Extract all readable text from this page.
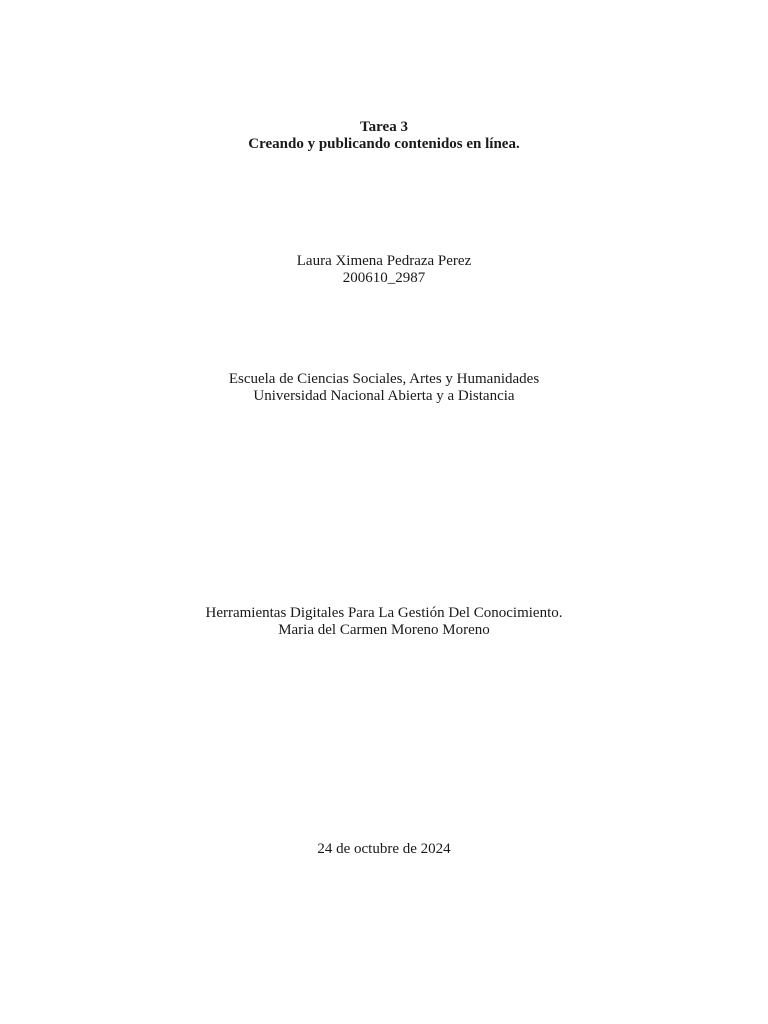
Tarea 3
Creando y publicando contenidos en línea.
Laura Ximena Pedraza Perez
200610_2987
Escuela de Ciencias Sociales, Artes y Humanidades
Universidad Nacional Abierta y a Distancia
Herramientas Digitales Para La Gestión Del Conocimiento.
Maria del Carmen Moreno Moreno
24 de octubre de 2024
